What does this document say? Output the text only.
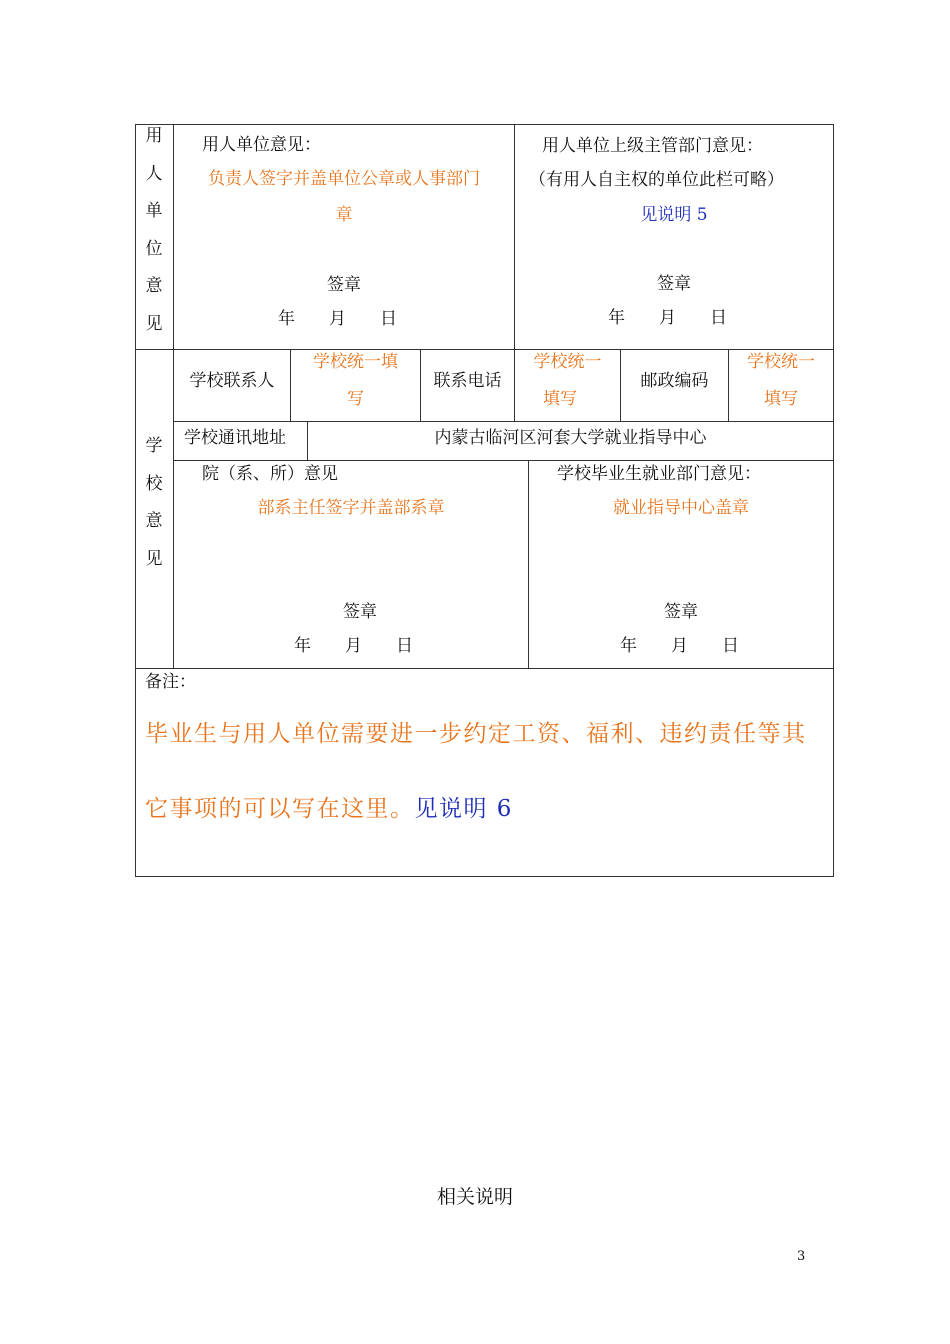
用
人
单
位
意
见
用人单位意见：
负责人签字并盖单位公章或人事部门
章
签章
年　　月　　日
用人单位上级主管部门意见：
（有用人自主权的单位此栏可略）
见说明 5
签章
年　　月　　日
学
校
意
见
学校联系人
学校统一填
写
联系电话
学校统一
填写
邮政编码
学校统一
填写
学校通讯地址	内蒙古临河区河套大学就业指导中心
院（系、所）意见
部系主任签字并盖部系章
签章
年　　月　　日
学校毕业生就业部门意见：
就业指导中心盖章
签章
年　　月　　日
备注：
毕业生与用人单位需要进一步约定工资、福利、违约责任等其
它事项的可以写在这里。见说明 6
相关说明
3
